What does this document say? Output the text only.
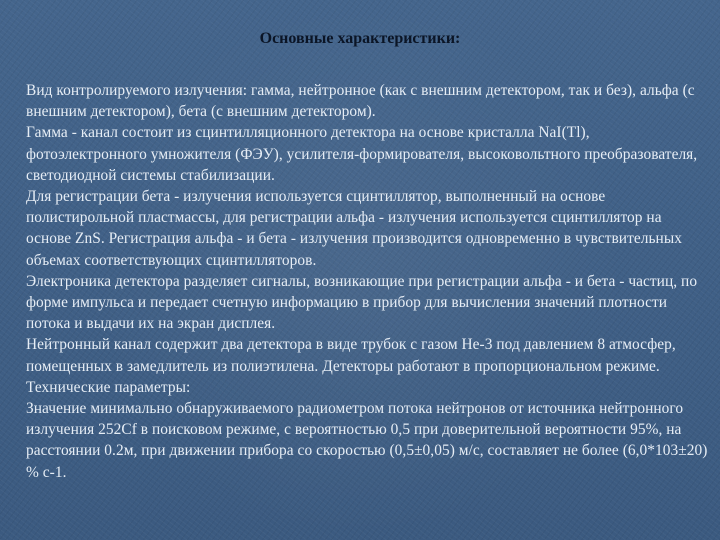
Основные характеристики:

Вид контролируемого излучения: гамма, нейтронное (как с внешним детектором, так и без), альфа (с внешним детектором), бета (с внешним детектором).

Гамма - канал состоит из сцинтилляционного детектора на основе кристалла NaI(Tl), фотоэлектронного умножителя (ФЭУ), усилителя-формирователя, высоковольтного преобразователя, светодиодной системы стабилизации.

Для регистрации бета - излучения используется сцинтиллятор, выполненный на основе полистирольной пластмассы, для регистрации альфа - излучения используется сцинтиллятор на основе ZnS. Регистрация альфа - и бета - излучения производится одновременно в чувствительных объемах соответствующих сцинтилляторов.

Электроника детектора разделяет сигналы, возникающие при регистрации альфа - и бета - частиц, по форме импульса и передает счетную информацию в прибор для вычисления значений плотности потока и выдачи их на экран дисплея.

Нейтронный канал содержит два детектора в виде трубок с газом He-3 под давлением 8 атмосфер, помещенных в замедлитель из полиэтилена. Детекторы работают в пропорциональном режиме.

Технические параметры:

Значение минимально обнаруживаемого радиометром потока нейтронов от источника нейтронного излучения 252Cf в поисковом режиме, с вероятностью 0,5 при доверительной вероятности 95%, на расстоянии 0.2м, при движении прибора со скоростью (0,5±0,05) м/с, составляет не более (6,0*103±20) % с-1.
